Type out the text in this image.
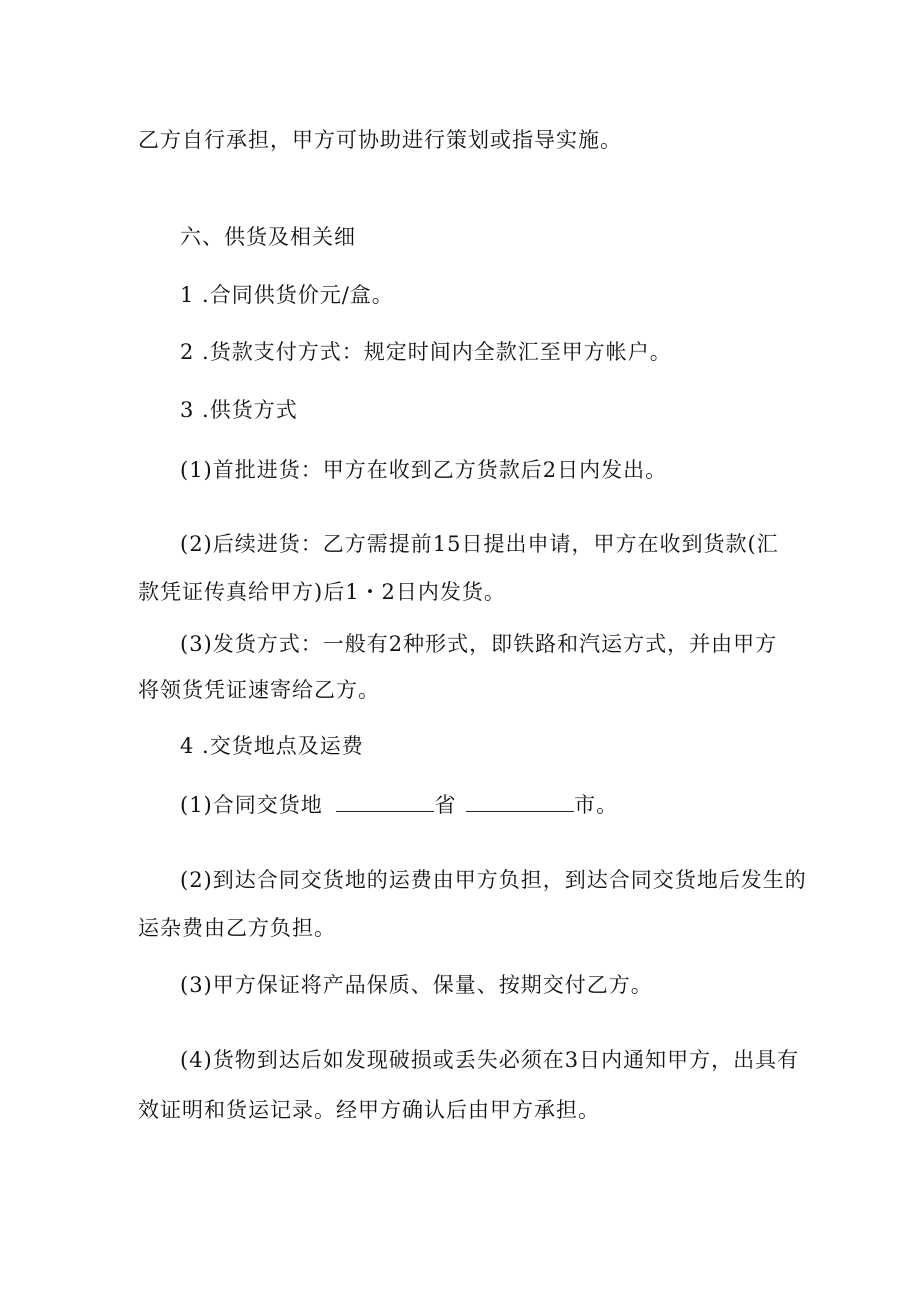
乙方自行承担，甲方可协助进行策划或指导实施。
六、供货及相关细
1 .合同供货价元/盒。
2 .货款支付方式：规定时间内全款汇至甲方帐户。
3 .供货方式
(1)首批进货：甲方在收到乙方货款后2日内发出。
(2)后续进货：乙方需提前15日提出申请，甲方在收到货款(汇
款凭证传真给甲方)后1・2日内发货。
(3)发货方式：一般有2种形式，即铁路和汽运方式，并由甲方
将领货凭证速寄给乙方。
4 .交货地点及运费
(1)合同交货地	省	市。
(2)到达合同交货地的运费由甲方负担，到达合同交货地后发生的
运杂费由乙方负担。
(3)甲方保证将产品保质、保量、按期交付乙方。
(4)货物到达后如发现破损或丢失必须在3日内通知甲方，出具有
效证明和货运记录。经甲方确认后由甲方承担。
